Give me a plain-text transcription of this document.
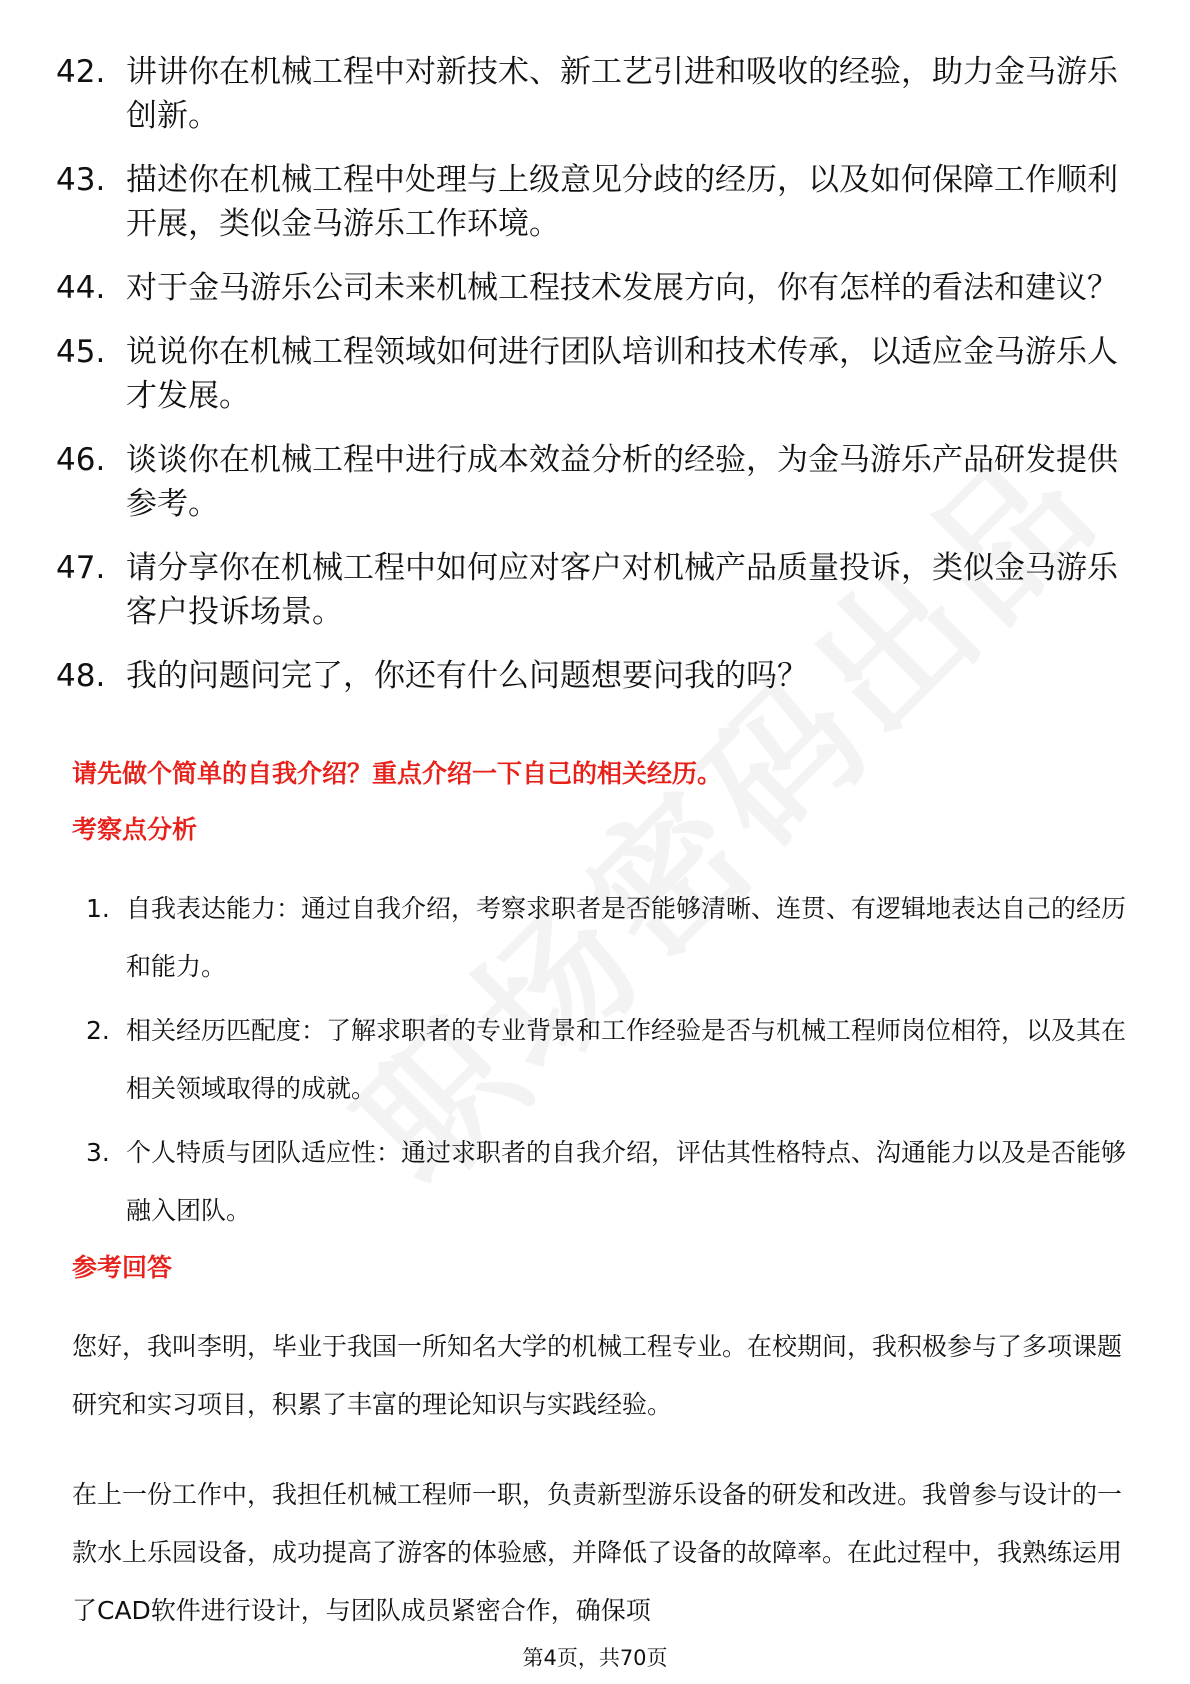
42. 讲讲你在机械工程中对新技术、新工艺引进和吸收的经验，助力金马游乐创新。
43. 描述你在机械工程中处理与上级意见分歧的经历，以及如何保障工作顺利开展，类似金马游乐工作环境。
44. 对于金马游乐公司未来机械工程技术发展方向，你有怎样的看法和建议？
45. 说说你在机械工程领域如何进行团队培训和技术传承，以适应金马游乐人才发展。
46. 谈谈你在机械工程中进行成本效益分析的经验，为金马游乐产品研发提供参考。
47. 请分享你在机械工程中如何应对客户对机械产品质量投诉，类似金马游乐客户投诉场景。
48. 我的问题问完了，你还有什么问题想要问我的吗？
请先做个简单的自我介绍？重点介绍一下自己的相关经历。
考察点分析
1. 自我表达能力：通过自我介绍，考察求职者是否能够清晰、连贯、有逻辑地表达自己的经历和能力。
2. 相关经历匹配度：了解求职者的专业背景和工作经验是否与机械工程师岗位相符，以及其在相关领域取得的成就。
3. 个人特质与团队适应性：通过求职者的自我介绍，评估其性格特点、沟通能力以及是否能够融入团队。
参考回答
您好，我叫李明，毕业于我国一所知名大学的机械工程专业。在校期间，我积极参与了多项课题研究和实习项目，积累了丰富的理论知识与实践经验。
在上一份工作中，我担任机械工程师一职，负责新型游乐设备的研发和改进。我曾参与设计的一款水上乐园设备，成功提高了游客的体验感，并降低了设备的故障率。在此过程中，我熟练运用了CAD软件进行设计，与团队成员紧密合作，确保项
第4页，共70页
